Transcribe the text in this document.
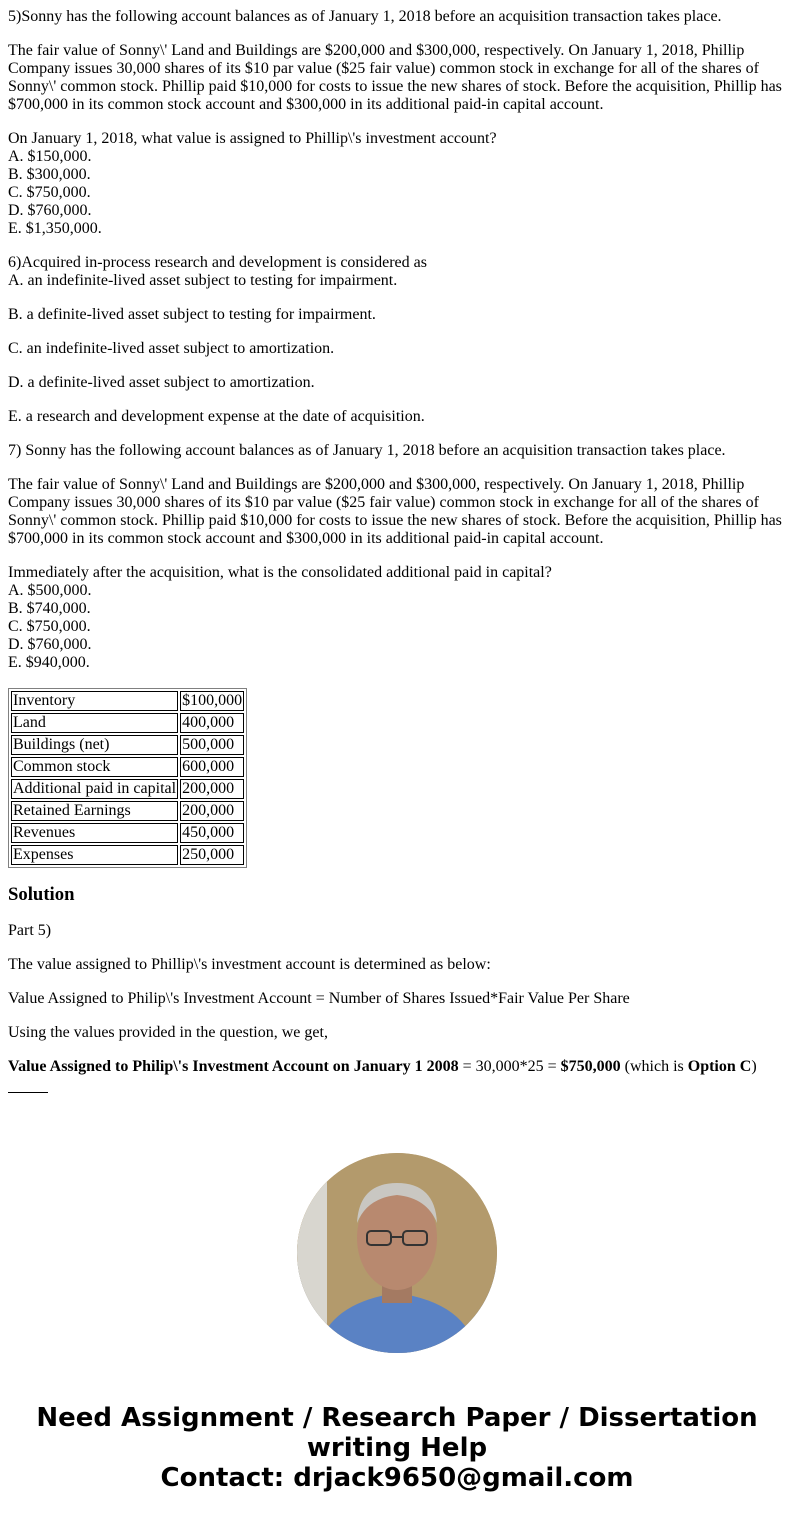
5)Sonny has the following account balances as of January 1, 2018 before an acquisition transaction takes place.

The fair value of Sonny\' Land and Buildings are $200,000 and $300,000, respectively. On January 1, 2018, Phillip Company issues 30,000 shares of its $10 par value ($25 fair value) common stock in exchange for all of the shares of Sonny\' common stock. Phillip paid $10,000 for costs to issue the new shares of stock. Before the acquisition, Phillip has $700,000 in its common stock account and $300,000 in its additional paid-in capital account.

On January 1, 2018, what value is assigned to Phillip\'s investment account?
A. $150,000.
B. $300,000.
C. $750,000.
D. $760,000.
E. $1,350,000.

6)Acquired in-process research and development is considered as
A. an indefinite-lived asset subject to testing for impairment.

B. a definite-lived asset subject to testing for impairment.

C. an indefinite-lived asset subject to amortization.

D. a definite-lived asset subject to amortization.

E. a research and development expense at the date of acquisition.

7) Sonny has the following account balances as of January 1, 2018 before an acquisition transaction takes place.

The fair value of Sonny\' Land and Buildings are $200,000 and $300,000, respectively. On January 1, 2018, Phillip Company issues 30,000 shares of its $10 par value ($25 fair value) common stock in exchange for all of the shares of Sonny\' common stock. Phillip paid $10,000 for costs to issue the new shares of stock. Before the acquisition, Phillip has $700,000 in its common stock account and $300,000 in its additional paid-in capital account.

Immediately after the acquisition, what is the consolidated additional paid in capital?
A. $500,000.
B. $740,000.
C. $750,000.
D. $760,000.
E. $940,000.

Inventory	$100,000
Land	400,000
Buildings (net)	500,000
Common stock	600,000
Additional paid in capital	200,000
Retained Earnings	200,000
Revenues	450,000
Expenses	250,000
Solution

Part 5)

The value assigned to Phillip\'s investment account is determined as below:

Value Assigned to Philip\'s Investment Account = Number of Shares Issued*Fair Value Per Share

Using the values provided in the question, we get,

Value Assigned to Philip\'s Investment Account on January 1 2008 = 30,000*25 = $750,000 (which is Option C)

Need Assignment / Research Paper / Dissertation writing Help
Contact: drjack9650@gmail.com
